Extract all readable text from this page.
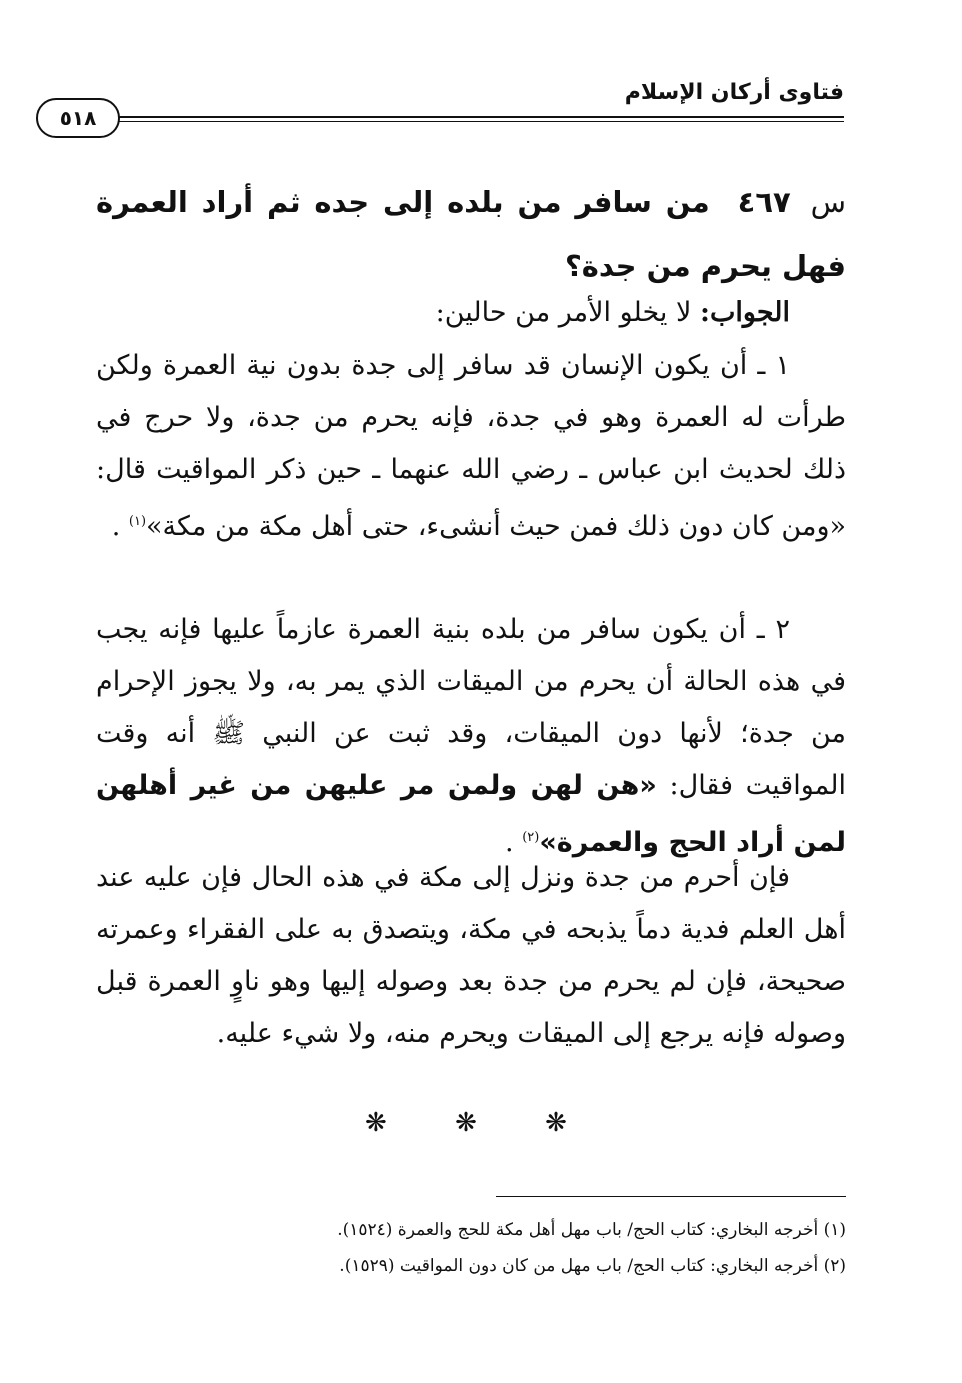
فتاوى أركان الإسلام
٥١٨
س ٤٦٧ من سافر من بلده إلى جده ثم أراد العمرة فهل يحرم من جدة؟
الجواب: لا يخلو الأمر من حالين:
١ ـ أن يكون الإنسان قد سافر إلى جدة بدون نية العمرة ولكن طرأت له العمرة وهو في جدة، فإنه يحرم من جدة، ولا حرج في ذلك لحديث ابن عباس ـ رضي الله عنهما ـ حين ذكر المواقيت قال: «ومن كان دون ذلك فمن حيث أنشىء، حتى أهل مكة من مكة»$^{(١)}$ .
٢ ـ أن يكون سافر من بلده بنية العمرة عازماً عليها فإنه يجب في هذه الحالة أن يحرم من الميقات الذي يمر به، ولا يجوز الإحرام من جدة؛ لأنها دون الميقات، وقد ثبت عن النبي ﷺ أنه وقت المواقيت فقال: «هن لهن ولمن مر عليهن من غير أهلهن لمن أراد الحج والعمرة»$^{(٢)}$ .
فإن أحرم من جدة ونزل إلى مكة في هذه الحال فإن عليه عند أهل العلم فدية دماً يذبحه في مكة، ويتصدق به على الفقراء وعمرته صحيحة، فإن لم يحرم من جدة بعد وصوله إليها وهو ناوٍ العمرة قبل وصوله فإنه يرجع إلى الميقات ويحرم منه، ولا شيء عليه.
❋ ❋ ❋
(١) أخرجه البخاري: كتاب الحج/ باب مهل أهل مكة للحج والعمرة (١٥٢٤).
(٢) أخرجه البخاري: كتاب الحج/ باب مهل من كان دون المواقيت (١٥٢٩).
